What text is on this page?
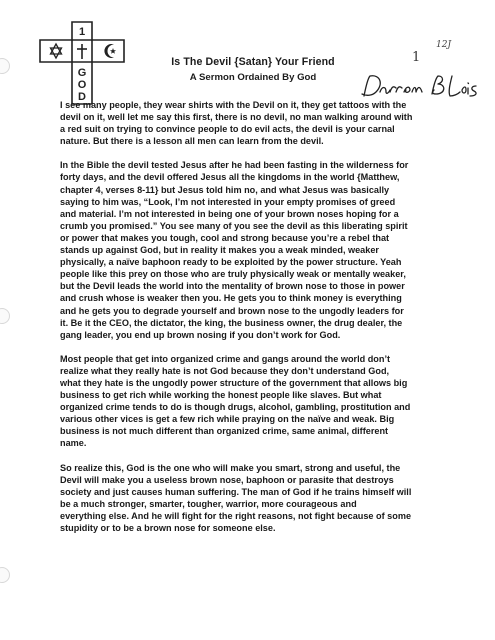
1
G
O
D

Is The Devil {Satan} Your Friend

A Sermon Ordained By God

12J
1

I see many people, they wear shirts with the Devil on it, they get tattoos with the
devil on it, well let me say this first, there is no devil, no man walking around with
a red suit on trying to convince people to do evil acts, the devil is your carnal
nature. But there is a lesson all men can learn from the devil.

In the Bible the devil tested Jesus after he had been fasting in the wilderness for
forty days, and the devil offered Jesus all the kingdoms in the world {Matthew,
chapter 4, verses 8-11} but Jesus told him no, and what Jesus was basically
saying to him was, “Look, I’m not interested in your empty promises of greed
and material. I’m not interested in being one of your brown noses hoping for a
crumb you promised.” You see many of you see the devil as this liberating spirit
or power that makes you tough, cool and strong because you’re a rebel that
stands up against God, but in reality it makes you a weak minded, weaker
physically, a naïve baphoon ready to be exploited by the power structure. Yeah
people like this prey on those who are truly physically weak or mentally weaker,
but the Devil leads the world into the mentality of brown nose to those in power
and crush whose is weaker then you. He gets you to think money is everything
and he gets you to degrade yourself and brown nose to the ungodly leaders for
it. Be it the CEO, the dictator, the king, the business owner, the drug dealer, the
gang leader, you end up brown nosing if you don’t work for God.

Most people that get into organized crime and gangs around the world don’t
realize what they really hate is not God because they don’t understand God,
what they hate is the ungodly power structure of the government that allows big
business to get rich while working the honest people like slaves. But what
organized crime tends to do is though drugs, alcohol, gambling, prostitution and
various other vices is get a few rich while praying on the naïve and weak. Big
business is not much different than organized crime, same animal, different
name.

So realize this, God is the one who will make you smart, strong and useful, the
Devil will make you a useless brown nose, baphoon or parasite that destroys
society and just causes human suffering. The man of God if he trains himself will
be a much stronger, smarter, tougher, warrior, more courageous and
everything else. And he will fight for the right reasons, not fight because of some
stupidity or to be a brown nose for someone else.
